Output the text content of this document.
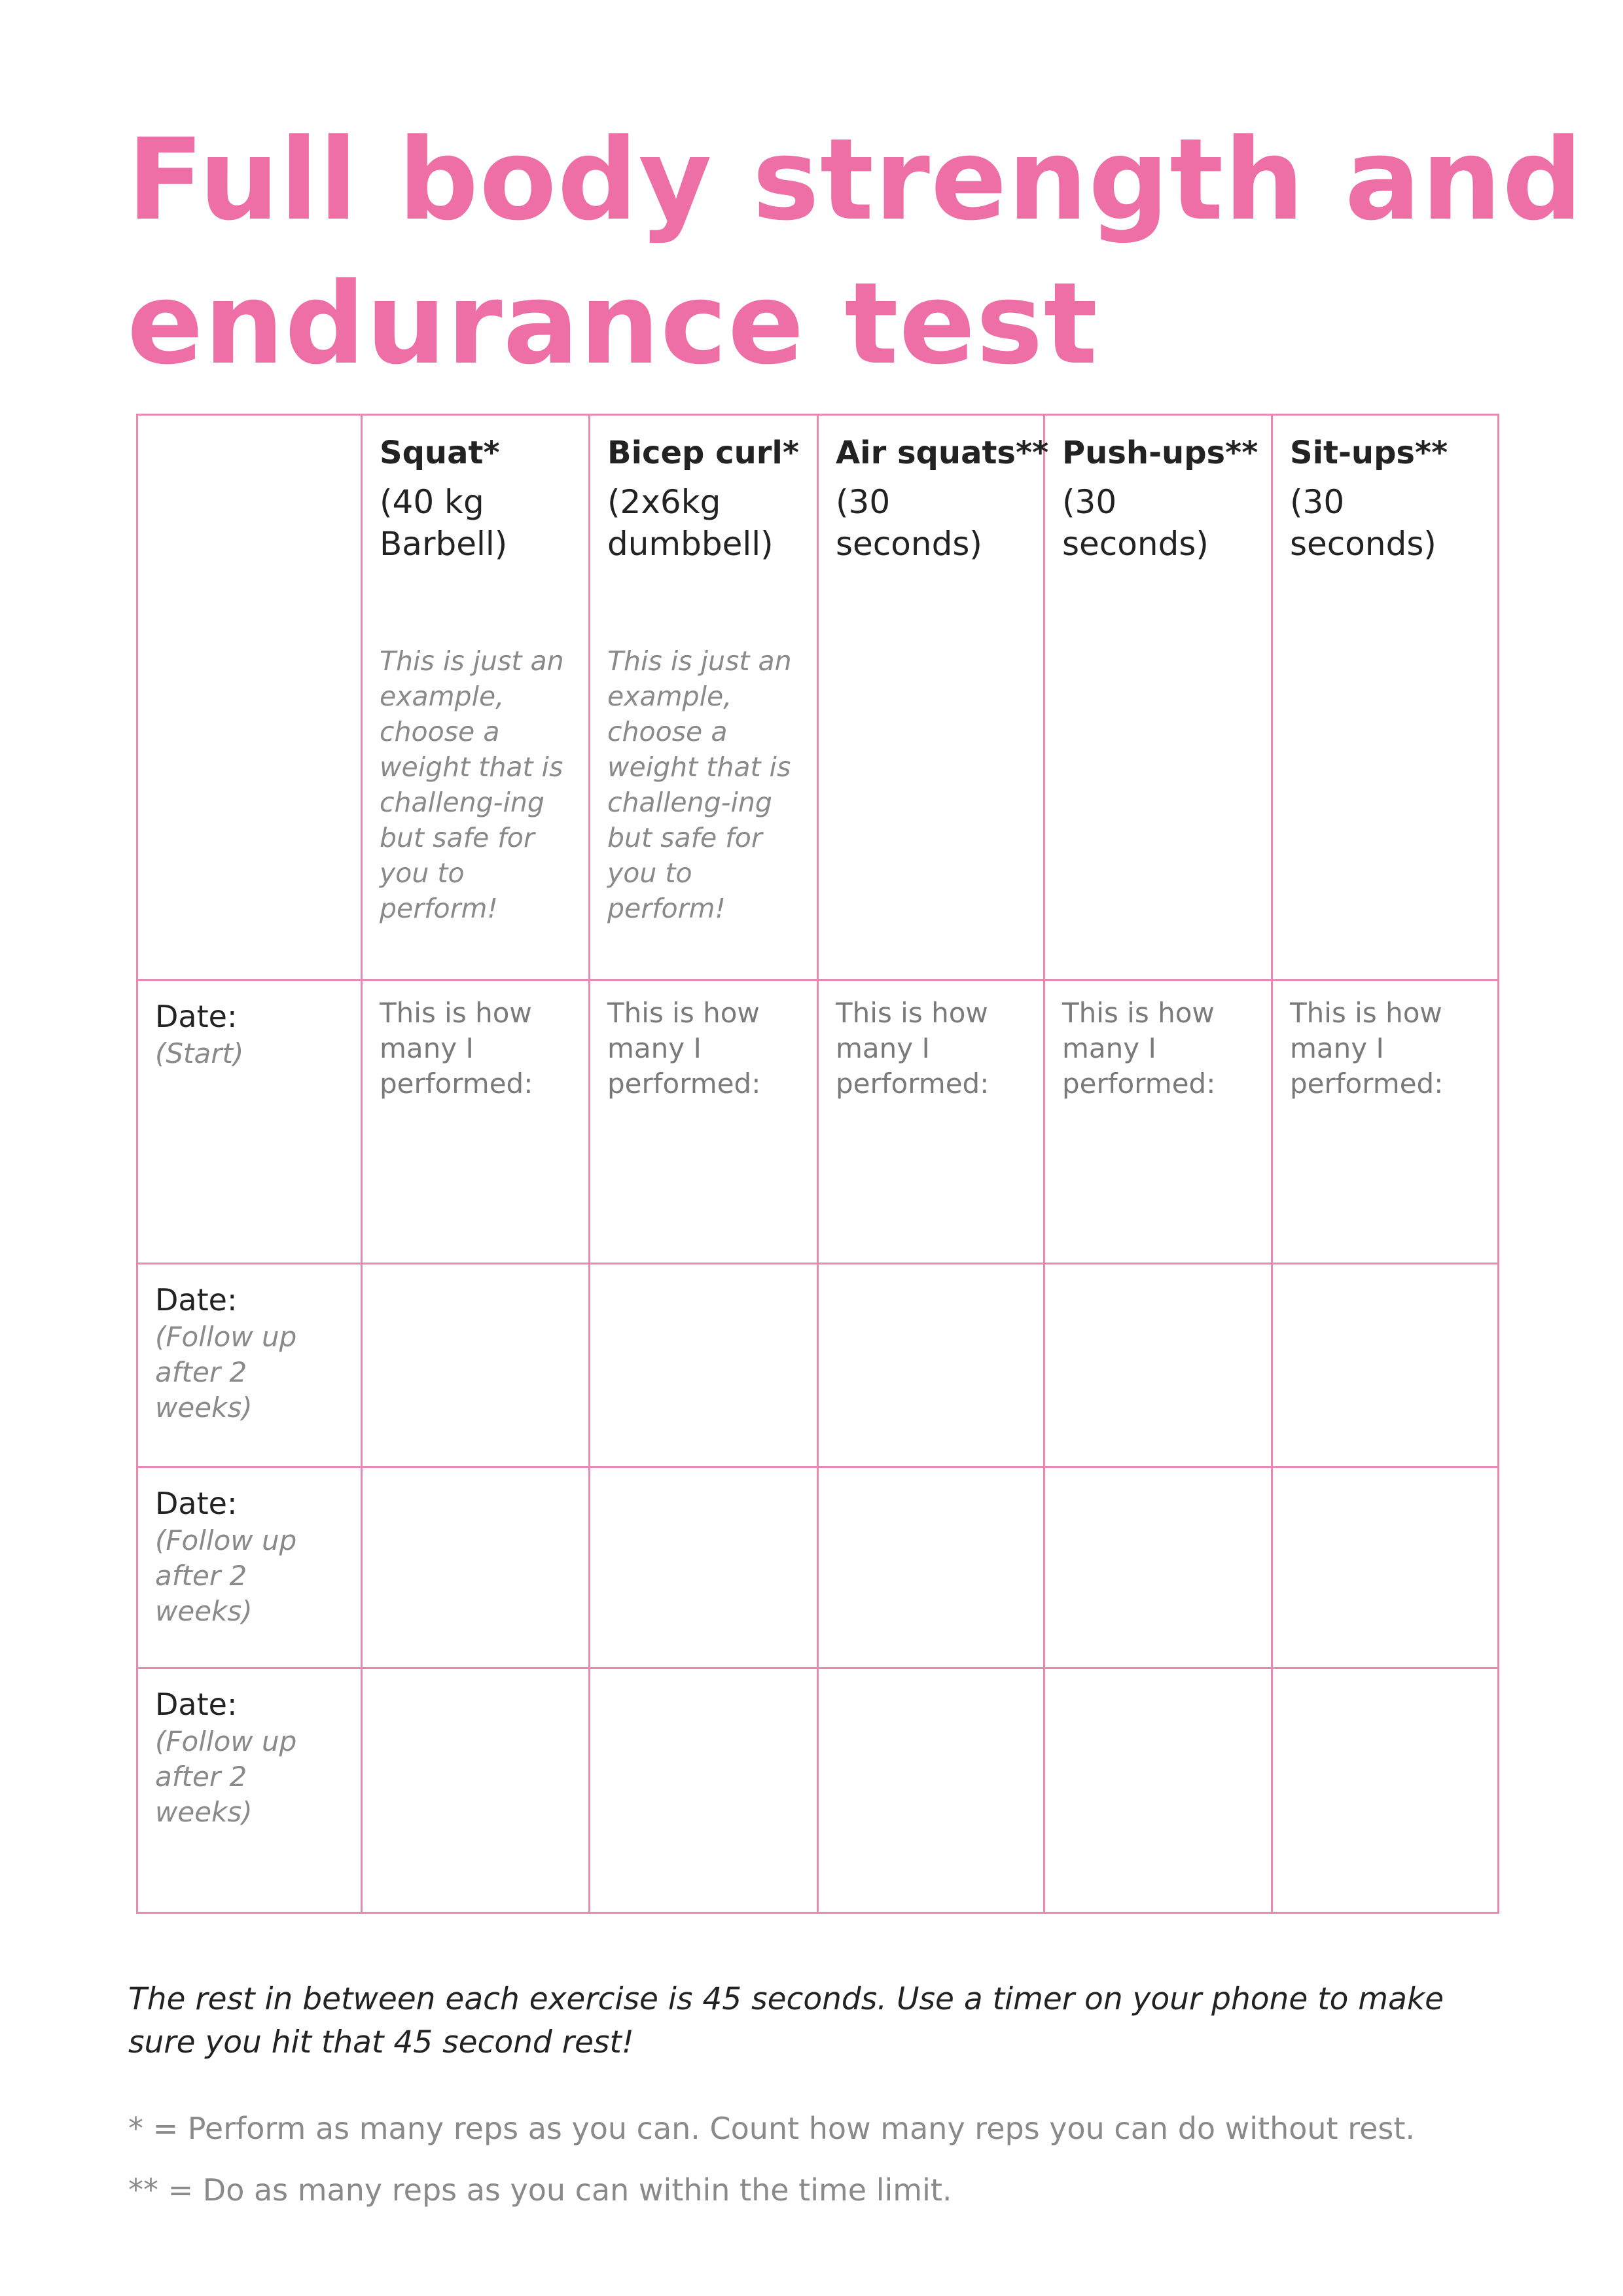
Full body strength and
endurance test

	Squat*
(40 kg
Barbell)
This is just an example, choose a weight that is challeng-ing but safe for you to perform!	Bicep curl*
(2x6kg
dumbbell)
This is just an example, choose a weight that is challeng-ing but safe for you to perform!	Air squats**
(30
seconds)	Push-ups**
(30
seconds)	Sit-ups**
(30
seconds)

Date:
(Start)	This is how many I performed:	This is how many I performed:	This is how many I performed:	This is how many I performed:	This is how many I performed:

Date:
(Follow up after 2 weeks)					

Date:
(Follow up after 2 weeks)					

Date:
(Follow up after 2 weeks)					

The rest in between each exercise is 45 seconds. Use a timer on your phone to make sure you hit that 45 second rest!

* = Perform as many reps as you can. Count how many reps you can do without rest.

** = Do as many reps as you can within the time limit.
